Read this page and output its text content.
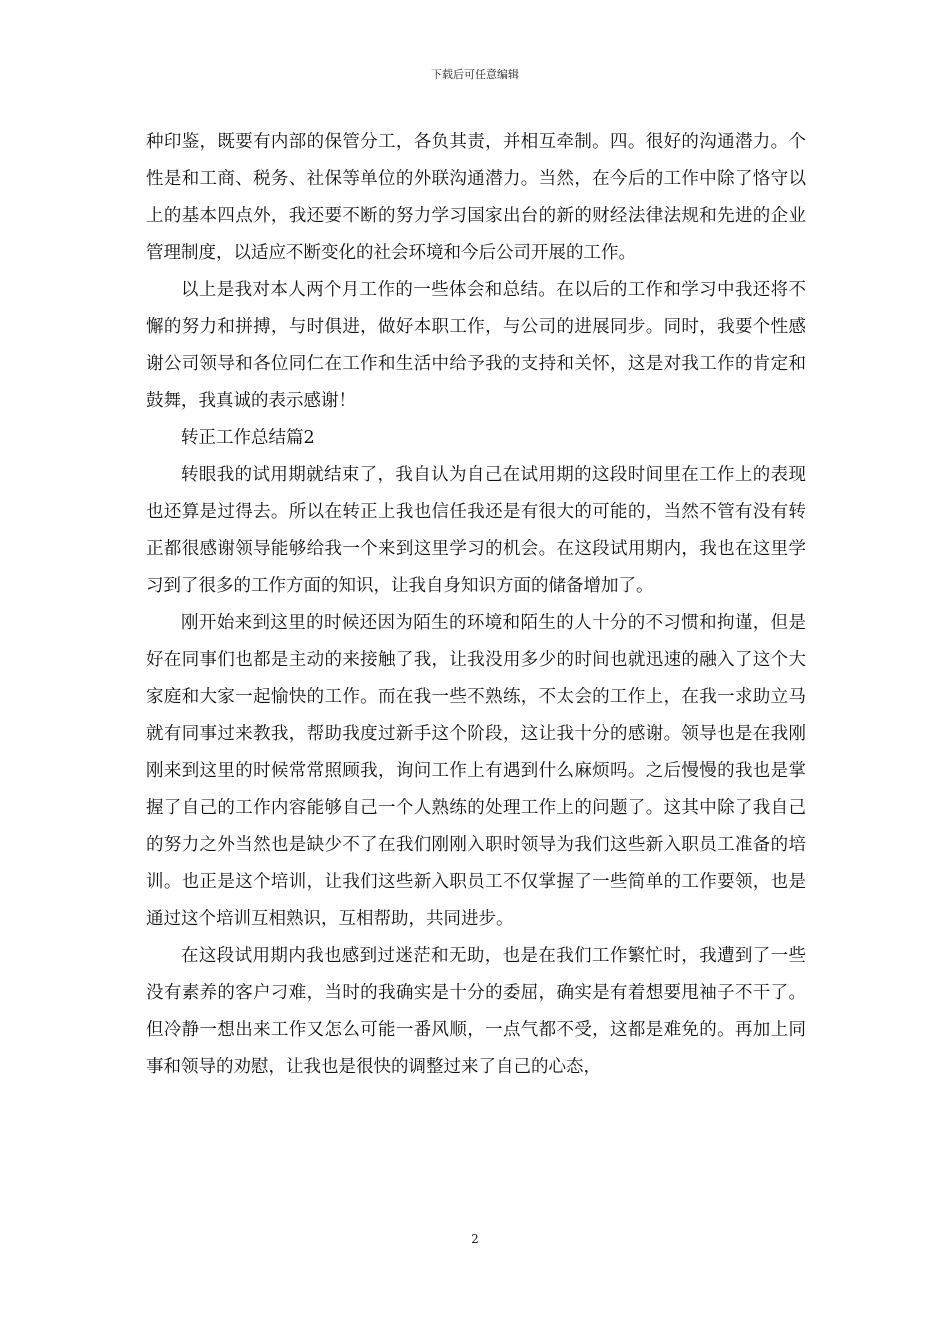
下载后可任意编辑

种印鉴，既要有内部的保管分工，各负其责，并相互牵制。四。很好的沟通潜力。个性是和工商、税务、社保等单位的外联沟通潜力。当然，在今后的工作中除了恪守以上的基本四点外，我还要不断的努力学习国家出台的新的财经法律法规和先进的企业管理制度，以适应不断变化的社会环境和今后公司开展的工作。

以上是我对本人两个月工作的一些体会和总结。在以后的工作和学习中我还将不懈的努力和拼搏，与时俱进，做好本职工作，与公司的进展同步。同时，我要个性感谢公司领导和各位同仁在工作和生活中给予我的支持和关怀，这是对我工作的肯定和鼓舞，我真诚的表示感谢！

转正工作总结篇2

转眼我的试用期就结束了，我自认为自己在试用期的这段时间里在工作上的表现也还算是过得去。所以在转正上我也信任我还是有很大的可能的，当然不管有没有转正都很感谢领导能够给我一个来到这里学习的机会。在这段试用期内，我也在这里学习到了很多的工作方面的知识，让我自身知识方面的储备增加了。

刚开始来到这里的时候还因为陌生的环境和陌生的人十分的不习惯和拘谨，但是好在同事们也都是主动的来接触了我，让我没用多少的时间也就迅速的融入了这个大家庭和大家一起愉快的工作。而在我一些不熟练，不太会的工作上，在我一求助立马就有同事过来教我，帮助我度过新手这个阶段，这让我十分的感谢。领导也是在我刚刚来到这里的时候常常照顾我，询问工作上有遇到什么麻烦吗。之后慢慢的我也是掌握了自己的工作内容能够自己一个人熟练的处理工作上的问题了。这其中除了我自己的努力之外当然也是缺少不了在我们刚刚入职时领导为我们这些新入职员工准备的培训。也正是这个培训，让我们这些新入职员工不仅掌握了一些简单的工作要领，也是通过这个培训互相熟识，互相帮助，共同进步。

在这段试用期内我也感到过迷茫和无助，也是在我们工作繁忙时，我遭到了一些没有素养的客户刁难，当时的我确实是十分的委屈，确实是有着想要甩袖子不干了。但冷静一想出来工作又怎么可能一番风顺，一点气都不受，这都是难免的。再加上同事和领导的劝慰，让我也是很快的调整过来了自己的心态，

2
